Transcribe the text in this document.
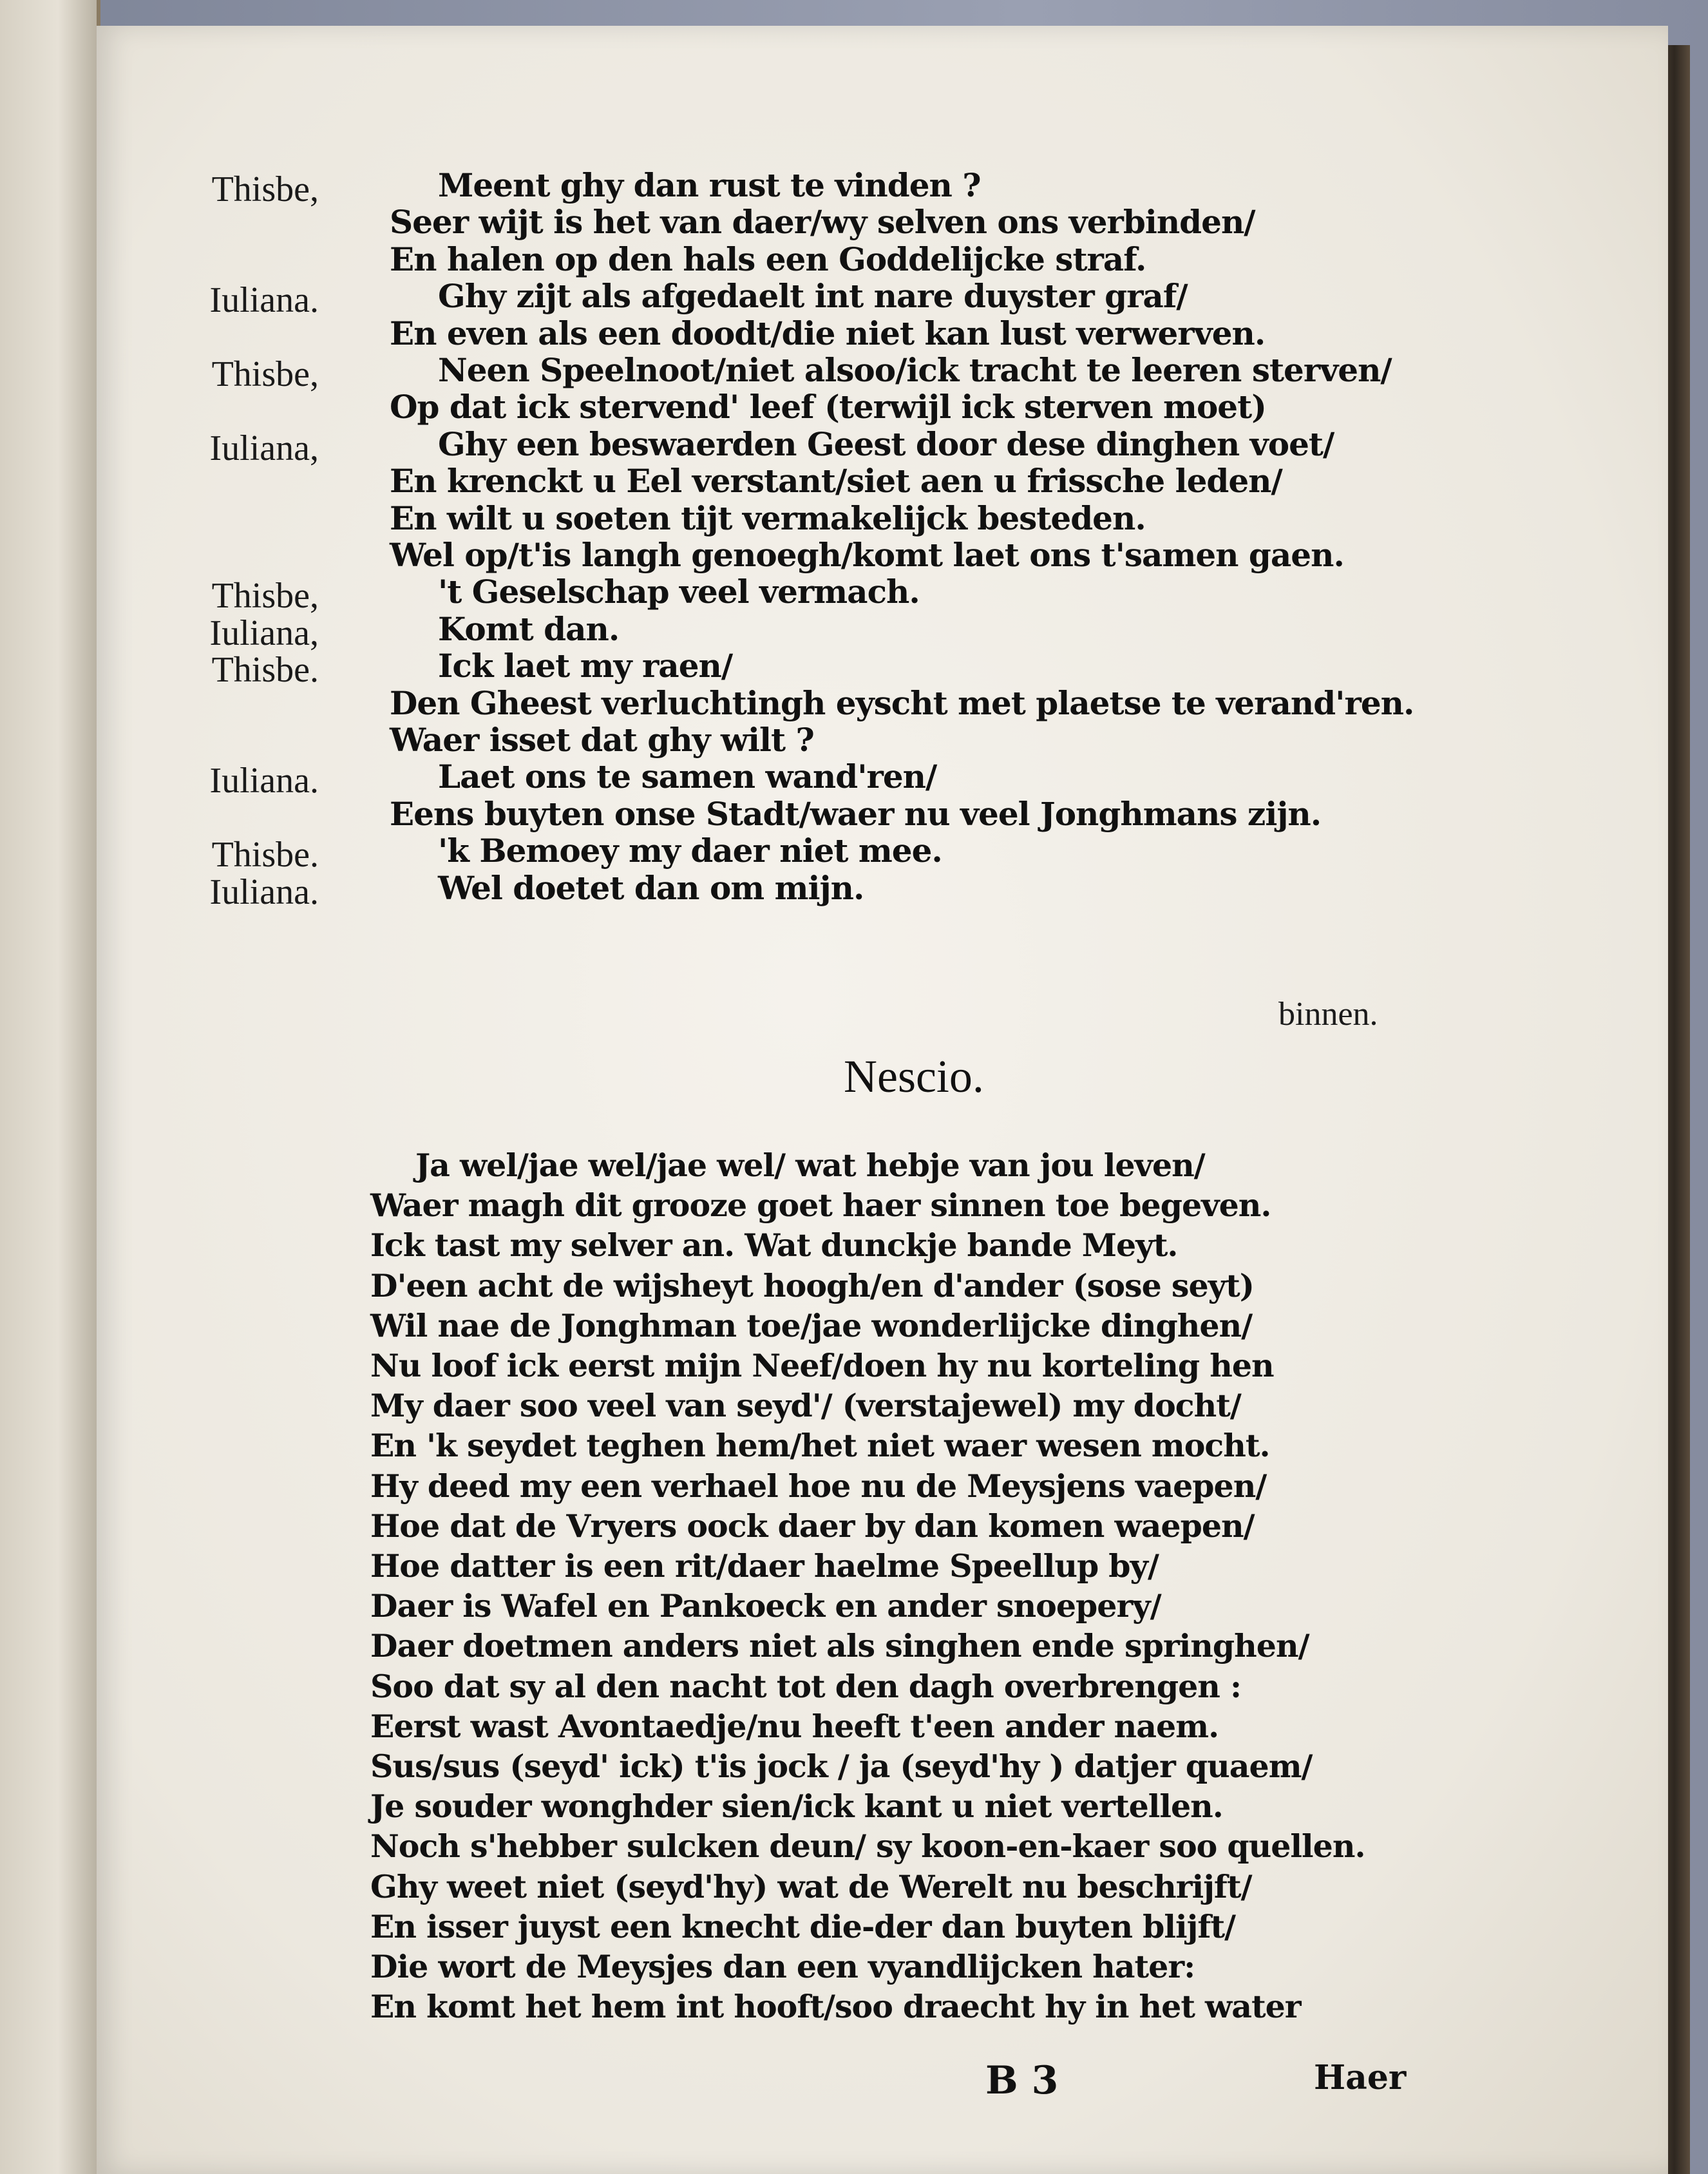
Thisbe,	Meent ghy dan rust te vinden ?
Seer wijt is het van daer/wy selven ons verbinden/
En halen op den hals een Goddelijcke straf.
Iuliana.	Ghy zijt als afgedaelt int nare duyster graf/
En even als een doodt/die niet kan lust verwerven.
Thisbe,	Neen Speelnoot/niet alsoo/ick tracht te leeren sterven/
Op dat ick stervend' leef (terwijl ick sterven moet)
Iuliana,	Ghy een beswaerden Geest door dese dinghen voet/
En krenckt u Eel verstant/siet aen u frissche leden/
En wilt u soeten tijt vermakelijck besteden.
Wel op/t'is langh genoegh/komt laet ons t'samen gaen.
Thisbe,	't Geselschap veel vermach.
Iuliana,	Komt dan.
Thisbe.	Ick laet my raen/
Den Gheest verluchtingh eyscht met plaetse te verand'ren.
Waer isset dat ghy wilt ?
Iuliana.	Laet ons te samen wand'ren/
Eens buyten onse Stadt/waer nu veel Jonghmans zijn.
Thisbe.	'k Bemoey my daer niet mee.
Iuliana.	Wel doetet dan om mijn.
binnen.
Nescio.
Ja wel/jae wel/jae wel/ wat hebje van jou leven/
Waer magh dit grooze goet haer sinnen toe begeven.
Ick tast my selver an. Wat dunckje bande Meyt.
D'een acht de wijsheyt hoogh/en d'ander (sose seyt)
Wil nae de Jonghman toe/jae wonderlijcke dinghen/
Nu loof ick eerst mijn Neef/doen hy nu korteling hen
My daer soo veel van seyd'/ (verstajewel) my docht/
En 'k seydet teghen hem/het niet waer wesen mocht.
Hy deed my een verhael hoe nu de Meysjens vaepen/
Hoe dat de Vryers oock daer by dan komen waepen/
Hoe datter is een rit/daer haelme Speellup by/
Daer is Wafel en Pankoeck en ander snoepery/
Daer doetmen anders niet als singhen ende springhen/
Soo dat sy al den nacht tot den dagh overbrengen :
Eerst wast Avontaedje/nu heeft t'een ander naem.
Sus/sus (seyd' ick) t'is jock / ja (seyd'hy ) datjer quaem/
Je souder wonghder sien/ick kant u niet vertellen.
Noch s'hebber sulcken deun/ sy koon-en-kaer soo quellen.
Ghy weet niet (seyd'hy) wat de Werelt nu beschrijft/
En isser juyst een knecht die-der dan buyten blijft/
Die wort de Meysjes dan een vyandlijcken hater:
En komt het hem int hooft/soo draecht hy in het water
B 3	Haer
